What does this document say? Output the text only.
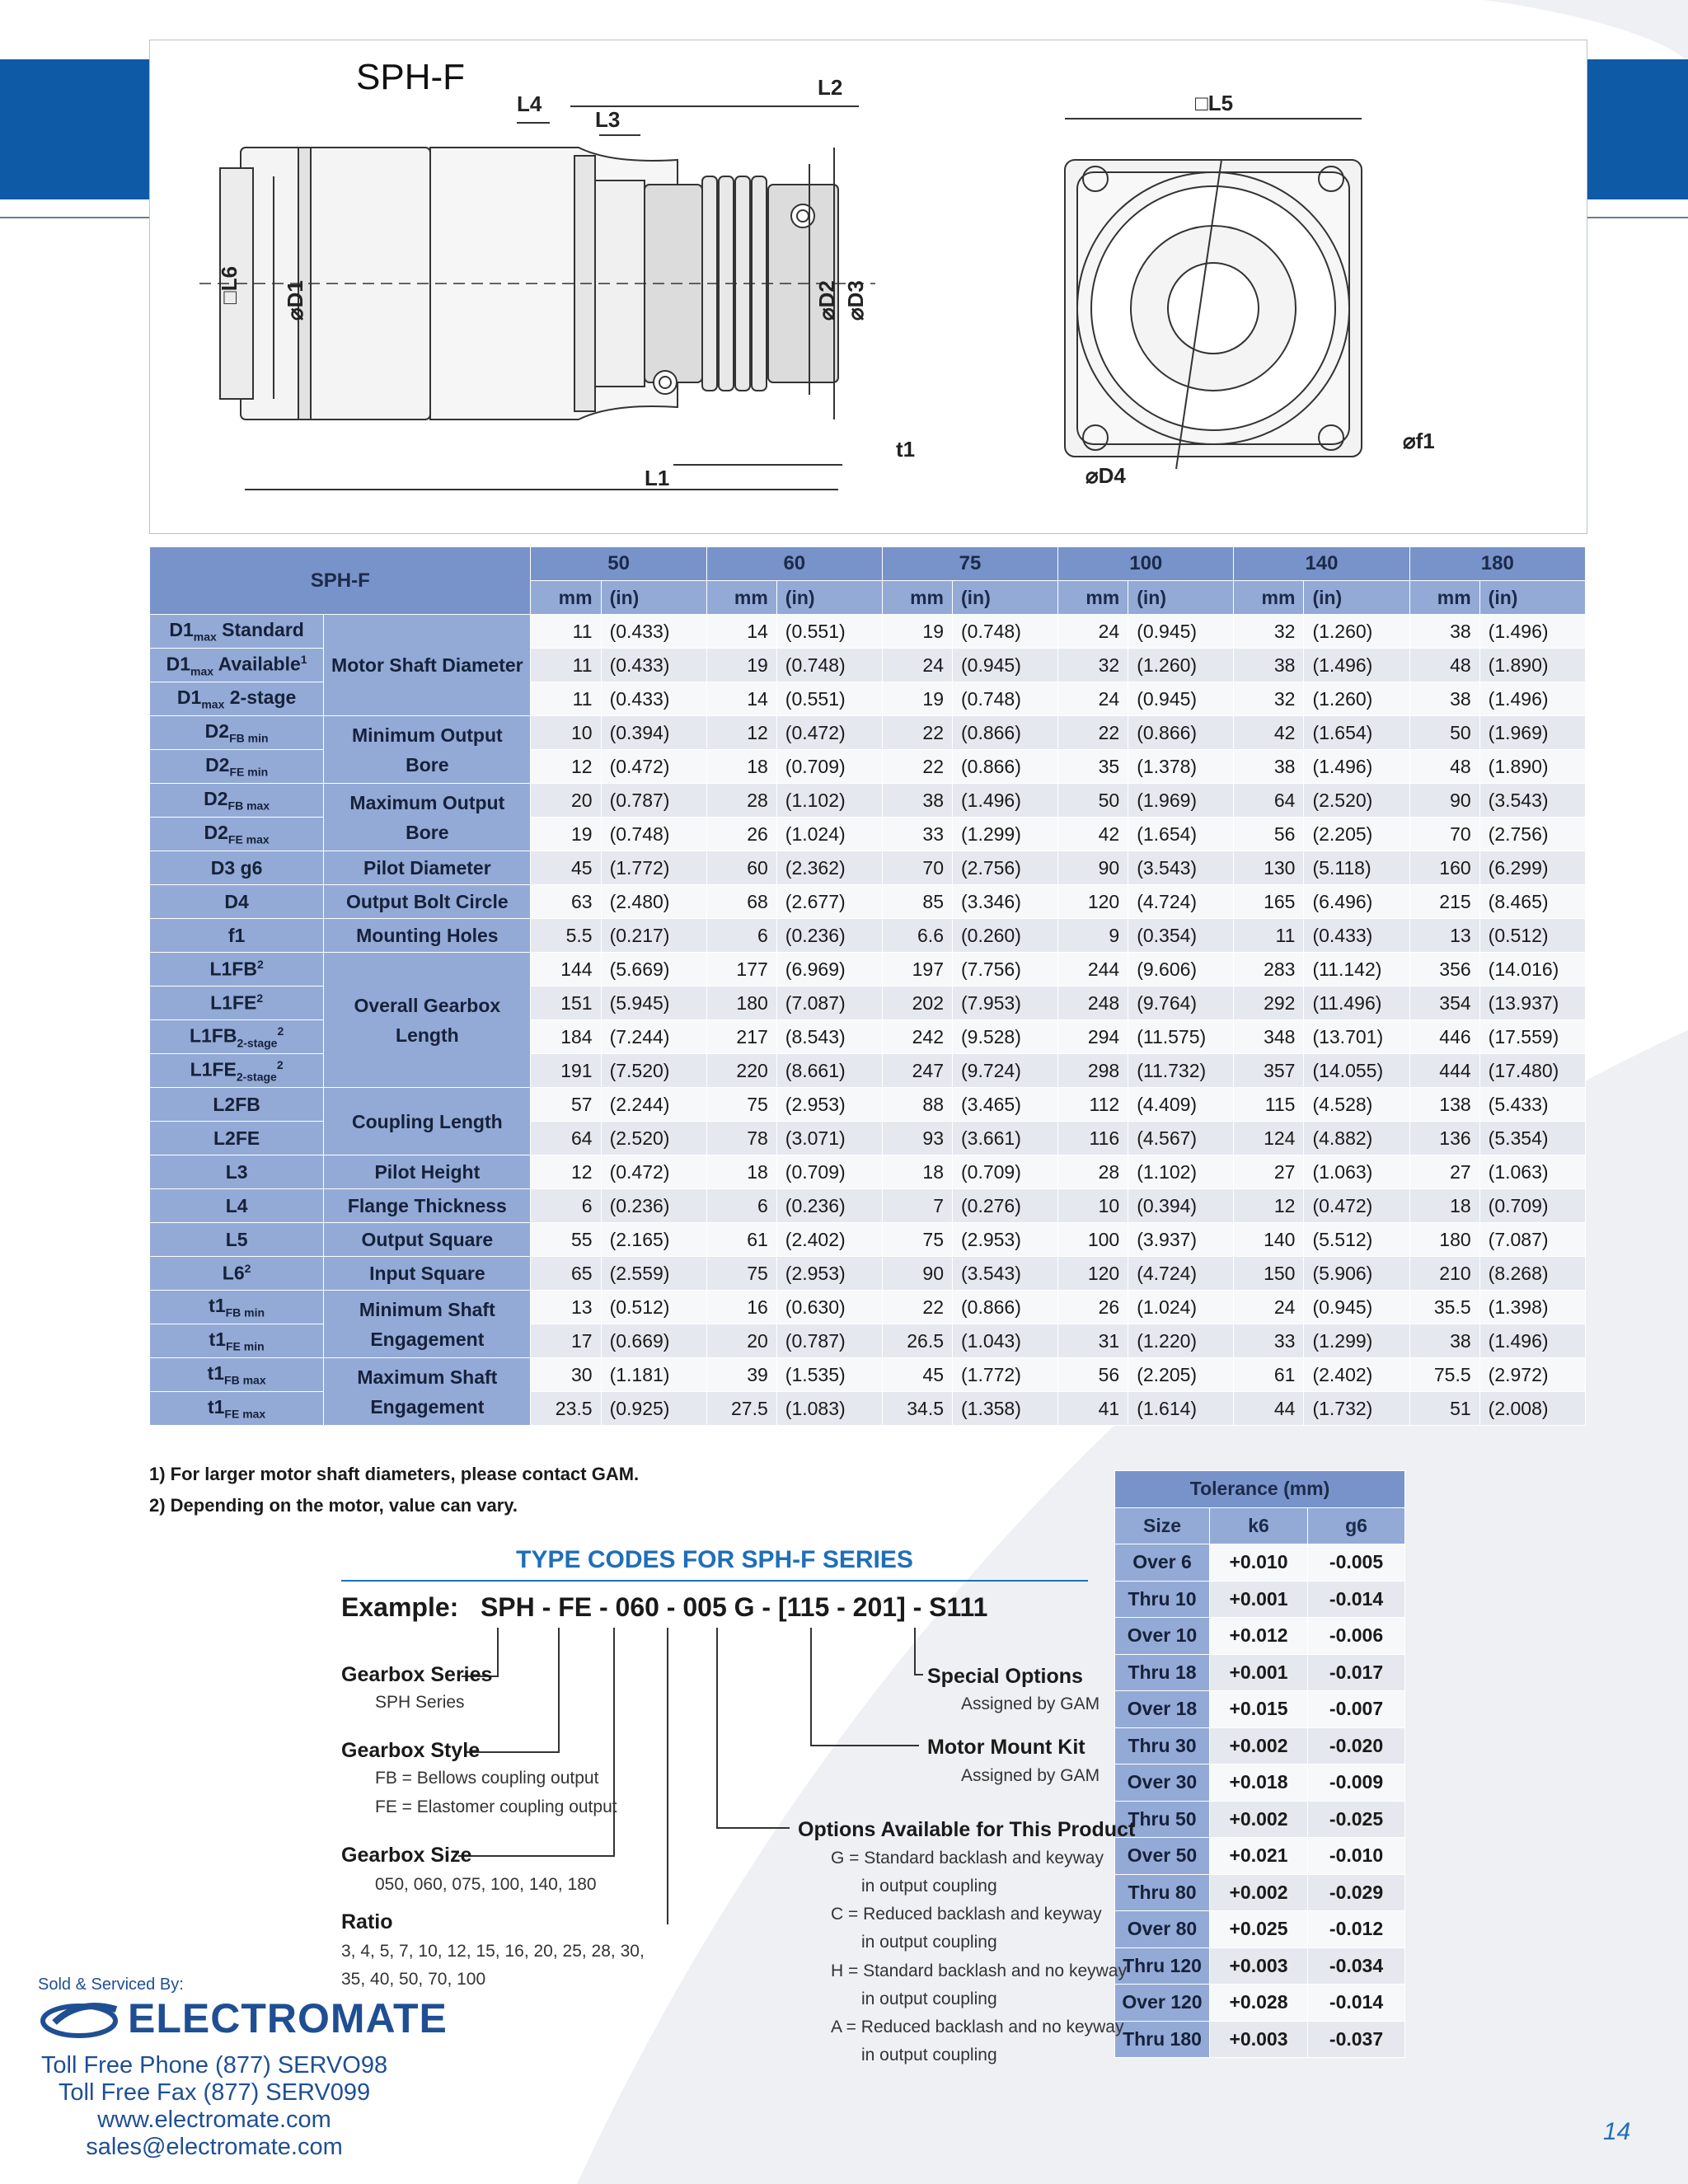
SPH-F
L4
L3
L2
□L5
□L6 ⌀D1	⌀D2 ⌀D3
t1
L1	⌀D4
⌀f1
SPH-F		50		60		75		100		140		180	
		mm	(in)	mm	(in)	mm	(in)	mm	(in)	mm	(in)	mm	(in)
$D1_{max}$ Standard	Motor Shaft Diameter	11	(0.433)	14	(0.551)	19	(0.748)	24	(0.945)	32	(1.260)	38	(1.496)
$D1_{max}$ Available$^1$		11	(0.433)	19	(0.748)	24	(0.945)	32	(1.260)	38	(1.496)	48	(1.890)
$D1_{max}$ 2-stage		11	(0.433)	14	(0.551)	19	(0.748)	24	(0.945)	32	(1.260)	38	(1.496)
$D2_{FB min}$	Minimum Output Bore	10	(0.394)	12	(0.472)	22	(0.866)	22	(0.866)	42	(1.654)	50	(1.969)
$D2_{FE min}$		12	(0.472)	18	(0.709)	22	(0.866)	35	(1.378)	38	(1.496)	48	(1.890)
$D2_{FB max}$	Maximum Output Bore	20	(0.787)	28	(1.102)	38	(1.496)	50	(1.969)	64	(2.520)	90	(3.543)
$D2_{FE max}$		19	(0.748)	26	(1.024)	33	(1.299)	42	(1.654)	56	(2.205)	70	(2.756)
D3 g6	Pilot Diameter	45	(1.772)	60	(2.362)	70	(2.756)	90	(3.543)	130	(5.118)	160	(6.299)
D4	Output Bolt Circle	63	(2.480)	68	(2.677)	85	(3.346)	120	(4.724)	165	(6.496)	215	(8.465)
f1	Mounting Holes	5.5	(0.217)	6	(0.236)	6.6	(0.260)	9	(0.354)	11	(0.433)	13	(0.512)
$L1FB^2$	Overall Gearbox Length	144	(5.669)	177	(6.969)	197	(7.756)	244	(9.606)	283	(11.142)	356	(14.016)
$L1FE^2$		151	(5.945)	180	(7.087)	202	(7.953)	248	(9.764)	292	(11.496)	354	(13.937)
$L1FB_{2-stage}^2$		184	(7.244)	217	(8.543)	242	(9.528)	294	(11.575)	348	(13.701)	446	(17.559)
$L1FE_{2-stage}^2$		191	(7.520)	220	(8.661)	247	(9.724)	298	(11.732)	357	(14.055)	444	(17.480)
L2FB	Coupling Length	57	(2.244)	75	(2.953)	88	(3.465)	112	(4.409)	115	(4.528)	138	(5.433)
L2FE		64	(2.520)	78	(3.071)	93	(3.661)	116	(4.567)	124	(4.882)	136	(5.354)
L3	Pilot Height	12	(0.472)	18	(0.709)	18	(0.709)	28	(1.102)	27	(1.063)	27	(1.063)
L4	Flange Thickness	6	(0.236)	6	(0.236)	7	(0.276)	10	(0.394)	12	(0.472)	18	(0.709)
L5	Output Square	55	(2.165)	61	(2.402)	75	(2.953)	100	(3.937)	140	(5.512)	180	(7.087)
$L6^2$	Input Square	65	(2.559)	75	(2.953)	90	(3.543)	120	(4.724)	150	(5.906)	210	(8.268)
$t1_{FB min}$	Minimum Shaft Engagement	13	(0.512)	16	(0.630)	22	(0.866)	26	(1.024)	24	(0.945)	35.5	(1.398)
$t1_{FE min}$		17	(0.669)	20	(0.787)	26.5	(1.043)	31	(1.220)	33	(1.299)	38	(1.496)
$t1_{FB max}$	Maximum Shaft Engagement	30	(1.181)	39	(1.535)	45	(1.772)	56	(2.205)	61	(2.402)	75.5	(2.972)
$t1_{FE max}$		23.5	(0.925)	27.5	(1.083)	34.5	(1.358)	41	(1.614)	44	(1.732)	51	(2.008)
1) For larger motor shaft diameters, please contact GAM.
2) Depending on the motor, value can vary.
Tolerance (mm)		
Size	k6	g6
Over 6	+0.010	-0.005
Thru 10	+0.001	-0.014
Over 10	+0.012	-0.006
Thru 18	+0.001	-0.017
Over 18	+0.015	-0.007
Thru 30	+0.002	-0.020
Over 30	+0.018	-0.009
Thru 50	+0.002	-0.025
Over 50	+0.021	-0.010
Thru 80	+0.002	-0.029
Over 80	+0.025	-0.012
Thru 120	+0.003	-0.034
Over 120	+0.028	-0.014
Thru 180	+0.003	-0.037
TYPE CODES FOR SPH-F SERIES
Example: SPH - FE - 060 - 005 G - [115 - 201] - S111
Gearbox Series
SPH Series
Gearbox Style
FB = Bellows coupling output
FE = Elastomer coupling output
Gearbox Size
050, 060, 075, 100, 140, 180
Ratio
3, 4, 5, 7, 10, 12, 15, 16, 20, 25, 28, 30,
35, 40, 50, 70, 100
Special Options
Assigned by GAM
Motor Mount Kit
Assigned by GAM
Options Available for This Product
G = Standard backlash and keyway
in output coupling
C = Reduced backlash and keyway
in output coupling
H = Standard backlash and no keyway
in output coupling
A = Reduced backlash and no keyway
in output coupling
Sold & Serviced By:
ELECTROMATE
Toll Free Phone (877) SERVO98
Toll Free Fax (877) SERV099
www.electromate.com
sales@electromate.com
14
